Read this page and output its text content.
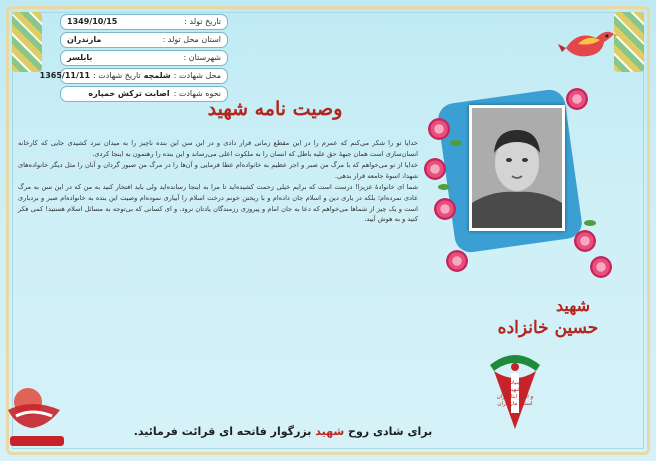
تاریخ تولد :
1349/10/15
استان محل تولد :
مازندران
شهرستان :
بابلسر
محل شهادت :
شلمچه
تاریخ شهادت :
1365/11/11
نحوه شهادت :
اصابت ترکش خمپاره
وصیت نامه شهید

خدایا تو را شکر می‌کنم که عمرم را در این مقطع زمانی قرار دادی و در این سن این بنده ناچیز را به میدان نبرد کشیدی جایی که کارخانه انسان‌سازی است همان جبهۀ حق علیه باطل که انسان را به ملکوت اعلی می‌رساند و این بنده را رهنمون به اینجا کردی.

خدایا از تو می‌خواهم که با مرگ من صبر و اجر عظیم به خانواده‌ام عطا فرمایی و آن‌ها را در مرگ من صبور گردان و آنان را مثل دیگر خانواده‌های شهدا، اسوۀ جامعه قرار بدهی.

شما ای خانوادۀ عزیزا! درست است که برایم خیلی زحمت کشیده‌اید تا مرا به اینجا رسانده‌اید ولی باید افتخار کنید به من که در این سن به مرگ عادی نمرده‌ام؛ بلکه در یاری دین و اسلام جان داده‌ام و با ریختن خونم درخت اسلام را آبیاری نموده‌ام وصیت این بنده به خانواده‌ام صبر و بردباری است و یک چیز از شما‌ها می‌خواهم که دعا به جان امام و پیروزی رزمندگان یادتان نرود. و ای کسانی که بی‌توجه به مسائل اسلام هستید! کمی فکر کنید و به هوش آیید.

شهید
حسین خانزاده
بنیاد
شهید
و امور ایثارگران
استان مازندران
برای شادی روح شهید بزرگوار فاتحه ای قرائت فرمائید.
